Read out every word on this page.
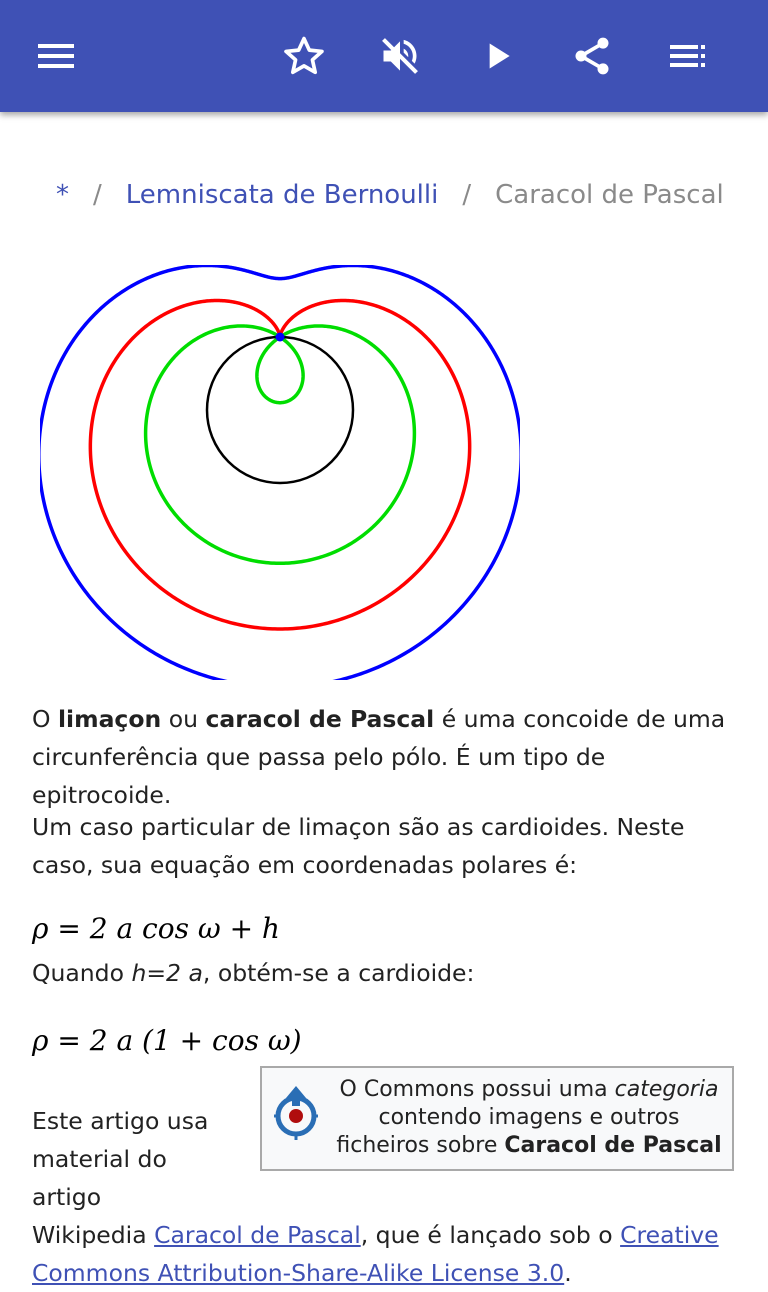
* / Lemniscata de Bernoulli / Caracol de Pascal
O limaçon ou caracol de Pascal é uma concoide de uma circunferência que passa pelo pólo. É um tipo de epitrocoide.
Um caso particular de limaçon são as cardioides. Neste caso, sua equação em coordenadas polares é:
ρ = 2 a cos ω + h
Quando h=2 a, obtém-se a cardioide:
ρ = 2 a (1 + cos ω)
O Commons possui uma categoria contendo imagens e outros ficheiros sobre Caracol de Pascal
Este artigo usa material do artigo Wikipedia Caracol de Pascal, que é lançado sob o Creative Commons Attribution-Share-Alike License 3.0.
